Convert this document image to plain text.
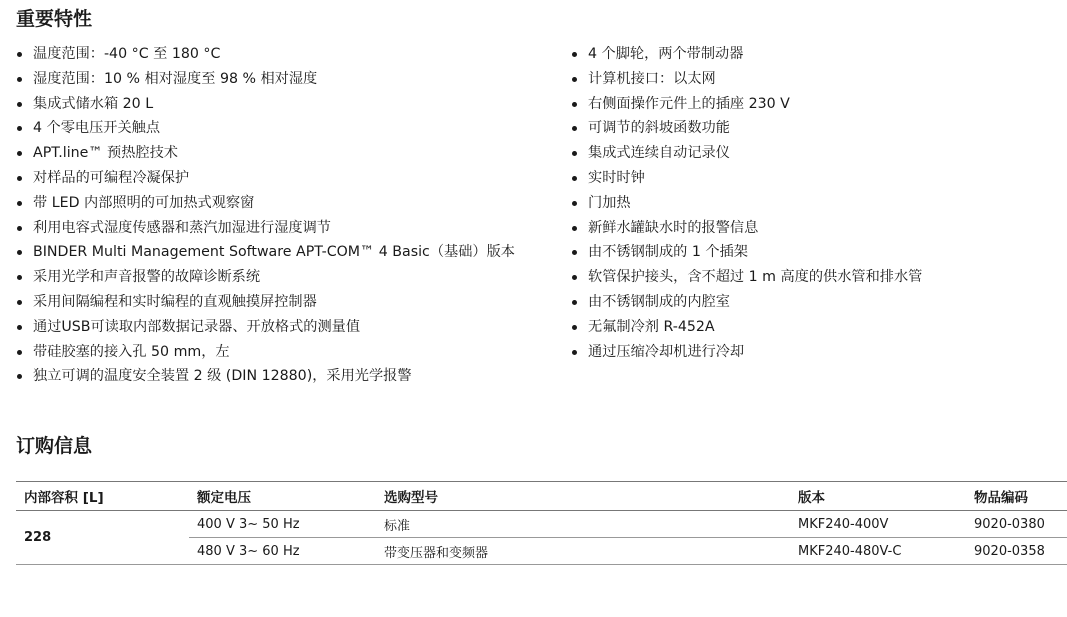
重要特性
温度范围：-40 °C 至 180 °C
湿度范围：10 % 相对湿度至 98 % 相对湿度
集成式储水箱 20 L
4 个零电压开关触点
APT.line™ 预热腔技术
对样品的可编程冷凝保护
带 LED 内部照明的可加热式观察窗
利用电容式湿度传感器和蒸汽加湿进行湿度调节
BINDER Multi Management Software APT-COM™ 4 Basic（基础）版本
采用光学和声音报警的故障诊断系统
采用间隔编程和实时编程的直观触摸屏控制器
通过USB可读取内部数据记录器、开放格式的测量值
带硅胶塞的接入孔 50 mm，左
独立可调的温度安全装置 2 级 (DIN 12880)，采用光学报警
4 个脚轮，两个带制动器
计算机接口：以太网
右侧面操作元件上的插座 230 V
可调节的斜坡函数功能
集成式连续自动记录仪
实时时钟
门加热
新鲜水罐缺水时的报警信息
由不锈钢制成的 1 个插架
软管保护接头，含不超过 1 m 高度的供水管和排水管
由不锈钢制成的内腔室
无氟制冷剂 R-452A
通过压缩冷却机进行冷却
订购信息
内部容积 [L]	额定电压	选购型号	版本	物品编码
228	400 V 3~ 50 Hz	标准	MKF240-400V	9020-0380
	480 V 3~ 60 Hz	带变压器和变频器	MKF240-480V-C	9020-0358
